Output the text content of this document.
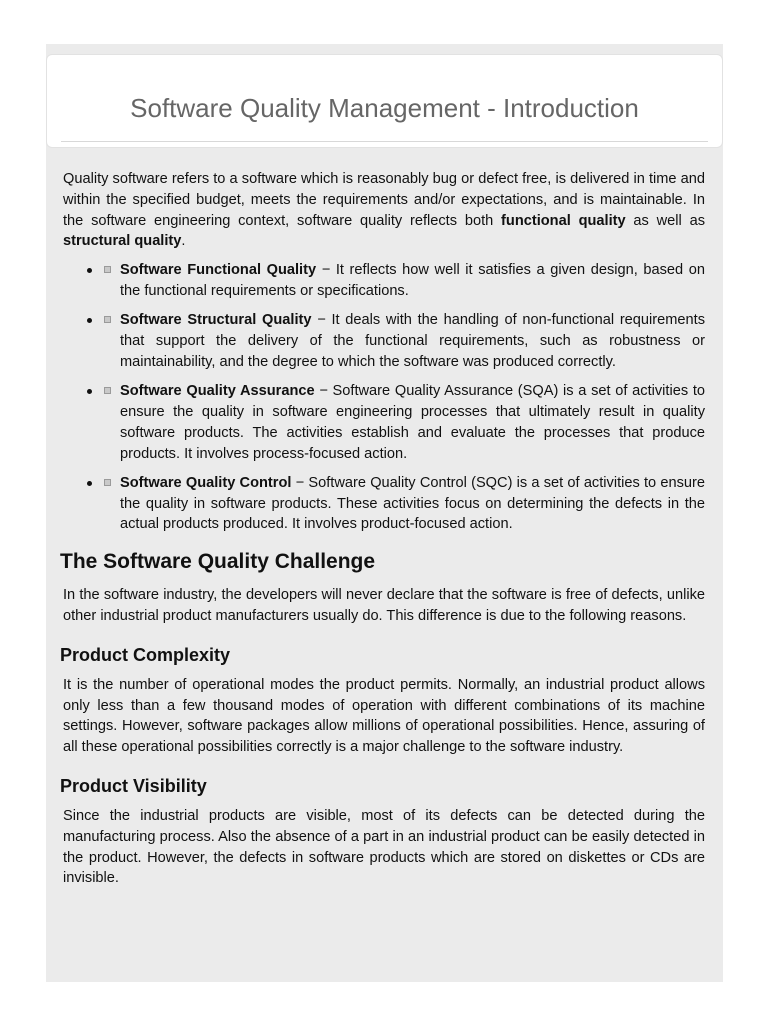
Software Quality Management - Introduction

Quality software refers to a software which is reasonably bug or defect free, is delivered in time and within the specified budget, meets the requirements and/or expectations, and is maintainable. In the software engineering context, software quality reflects both functional quality as well as structural quality.

Software Functional Quality − It reflects how well it satisfies a given design, based on the functional requirements or specifications.
Software Structural Quality − It deals with the handling of non-functional requirements that support the delivery of the functional requirements, such as robustness or maintainability, and the degree to which the software was produced correctly.
Software Quality Assurance − Software Quality Assurance (SQA) is a set of activities to ensure the quality in software engineering processes that ultimately result in quality software products. The activities establish and evaluate the processes that produce products. It involves process-focused action.
Software Quality Control − Software Quality Control (SQC) is a set of activities to ensure the quality in software products. These activities focus on determining the defects in the actual products produced. It involves product-focused action.
The Software Quality Challenge

In the software industry, the developers will never declare that the software is free of defects, unlike other industrial product manufacturers usually do. This difference is due to the following reasons.

Product Complexity

It is the number of operational modes the product permits. Normally, an industrial product allows only less than a few thousand modes of operation with different combinations of its machine settings. However, software packages allow millions of operational possibilities. Hence, assuring of all these operational possibilities correctly is a major challenge to the software industry.

Product Visibility

Since the industrial products are visible, most of its defects can be detected during the manufacturing process. Also the absence of a part in an industrial product can be easily detected in the product. However, the defects in software products which are stored on diskettes or CDs are invisible.
